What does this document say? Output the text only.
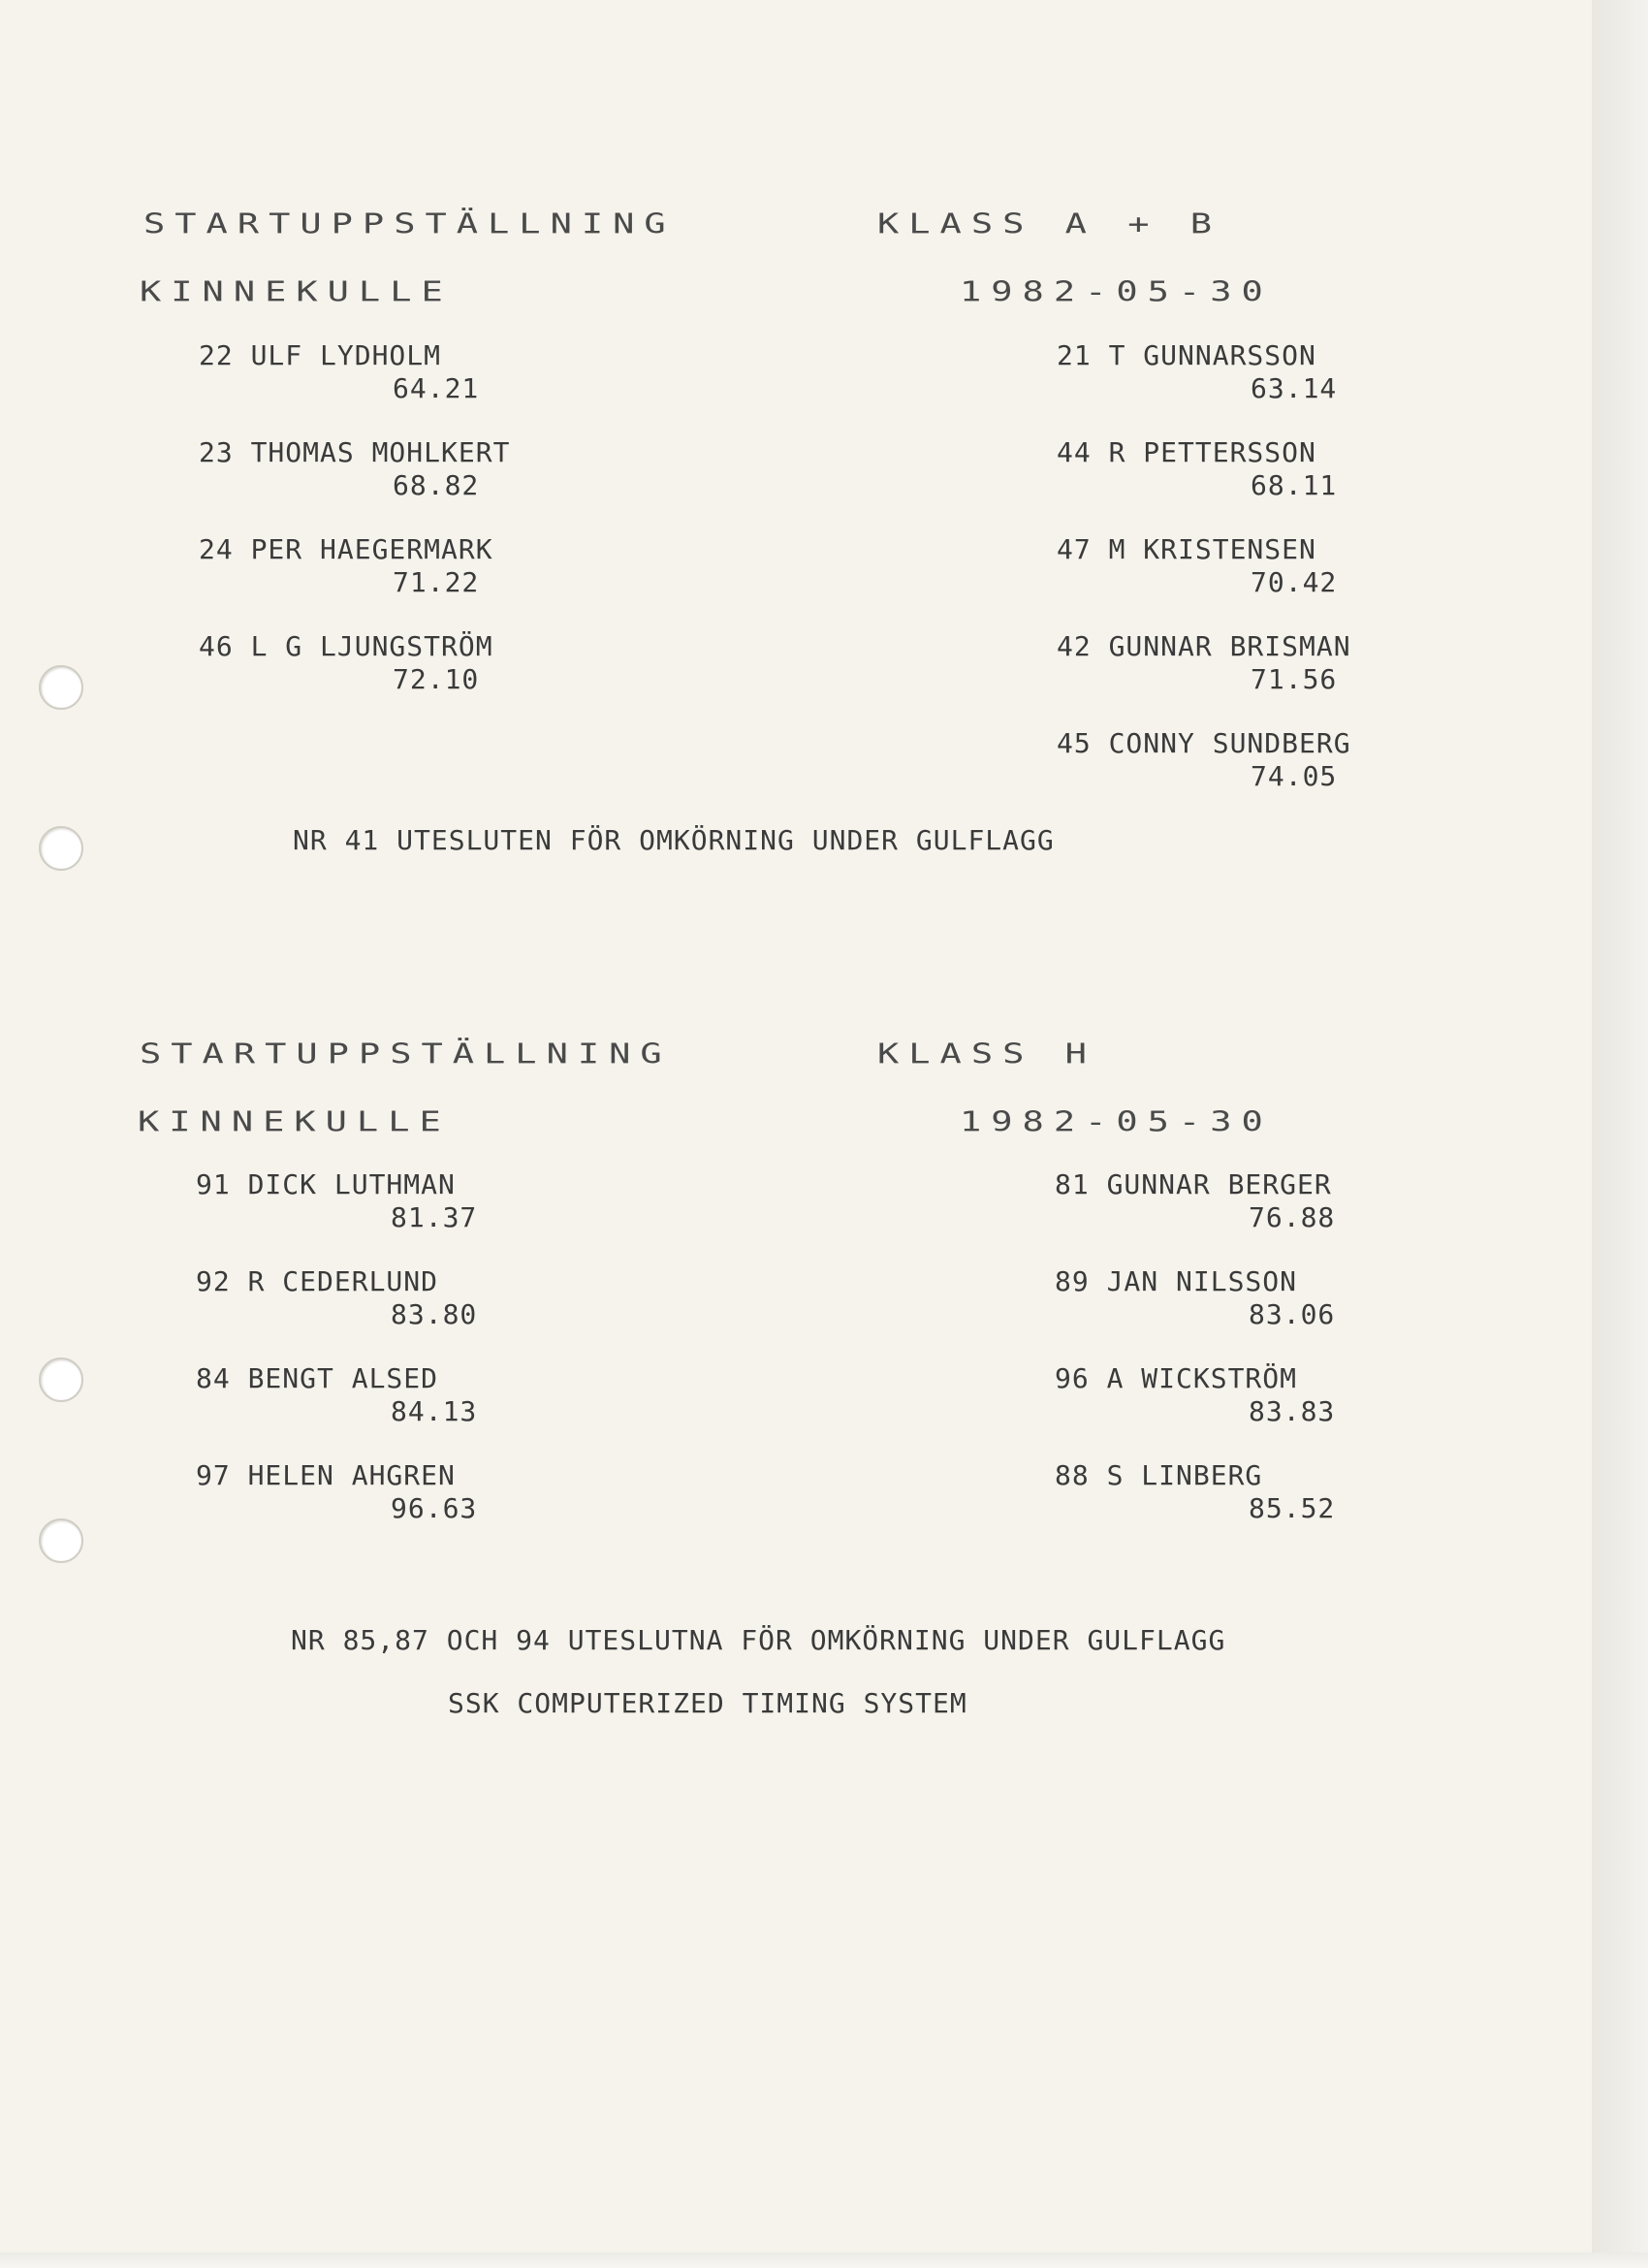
STARTUPPSTÄLLNING	KLASS A + B
KINNEKULLE	1982-05-30
22 ULF LYDHOLM
64.21
23 THOMAS MOHLKERT
68.82
24 PER HAEGERMARK
71.22
46 L G LJUNGSTRÖM
72.10
21 T GUNNARSSON
63.14
44 R PETTERSSON
68.11
47 M KRISTENSEN
70.42
42 GUNNAR BRISMAN
71.56
45 CONNY SUNDBERG
74.05
NR 41 UTESLUTEN FÖR OMKÖRNING UNDER GULFLAGG
STARTUPPSTÄLLNING	KLASS H
KINNEKULLE	1982-05-30
91 DICK LUTHMAN
81.37
92 R CEDERLUND
83.80
84 BENGT ALSED
84.13
97 HELEN AHGREN
96.63
81 GUNNAR BERGER
76.88
89 JAN NILSSON
83.06
96 A WICKSTRÖM
83.83
88 S LINBERG
85.52
NR 85,87 OCH 94 UTESLUTNA FÖR OMKÖRNING UNDER GULFLAGG
SSK COMPUTERIZED TIMING SYSTEM
